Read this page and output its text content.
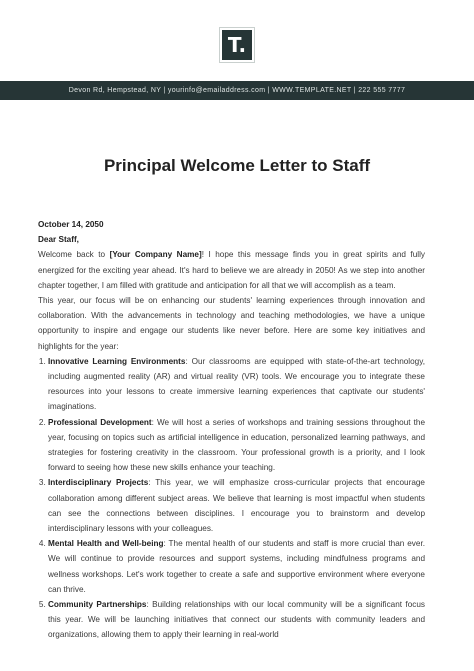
T.
Devon Rd, Hempstead, NY | yourinfo@emailaddress.com | WWW.TEMPLATE.NET | 222 555 7777
Principal Welcome Letter to Staff

October 14, 2050

Dear Staff,

Welcome back to [Your Company Name]! I hope this message finds you in great spirits and fully energized for the exciting year ahead. It's hard to believe we are already in 2050! As we step into another chapter together, I am filled with gratitude and anticipation for all that we will accomplish as a team.

This year, our focus will be on enhancing our students' learning experiences through innovation and collaboration. With the advancements in technology and teaching methodologies, we have a unique opportunity to inspire and engage our students like never before. Here are some key initiatives and highlights for the year:

1. Innovative Learning Environments: Our classrooms are equipped with state-of-the-art technology, including augmented reality (AR) and virtual reality (VR) tools. We encourage you to integrate these resources into your lessons to create immersive learning experiences that captivate our students' imaginations.
2. Professional Development: We will host a series of workshops and training sessions throughout the year, focusing on topics such as artificial intelligence in education, personalized learning pathways, and strategies for fostering creativity in the classroom. Your professional growth is a priority, and I look forward to seeing how these new skills enhance your teaching.
3. Interdisciplinary Projects: This year, we will emphasize cross-curricular projects that encourage collaboration among different subject areas. We believe that learning is most impactful when students can see the connections between disciplines. I encourage you to brainstorm and develop interdisciplinary lessons with your colleagues.
4. Mental Health and Well-being: The mental health of our students and staff is more crucial than ever. We will continue to provide resources and support systems, including mindfulness programs and wellness workshops. Let's work together to create a safe and supportive environment where everyone can thrive.
5. Community Partnerships: Building relationships with our local community will be a significant focus this year. We will be launching initiatives that connect our students with community leaders and organizations, allowing them to apply their learning in real-world
